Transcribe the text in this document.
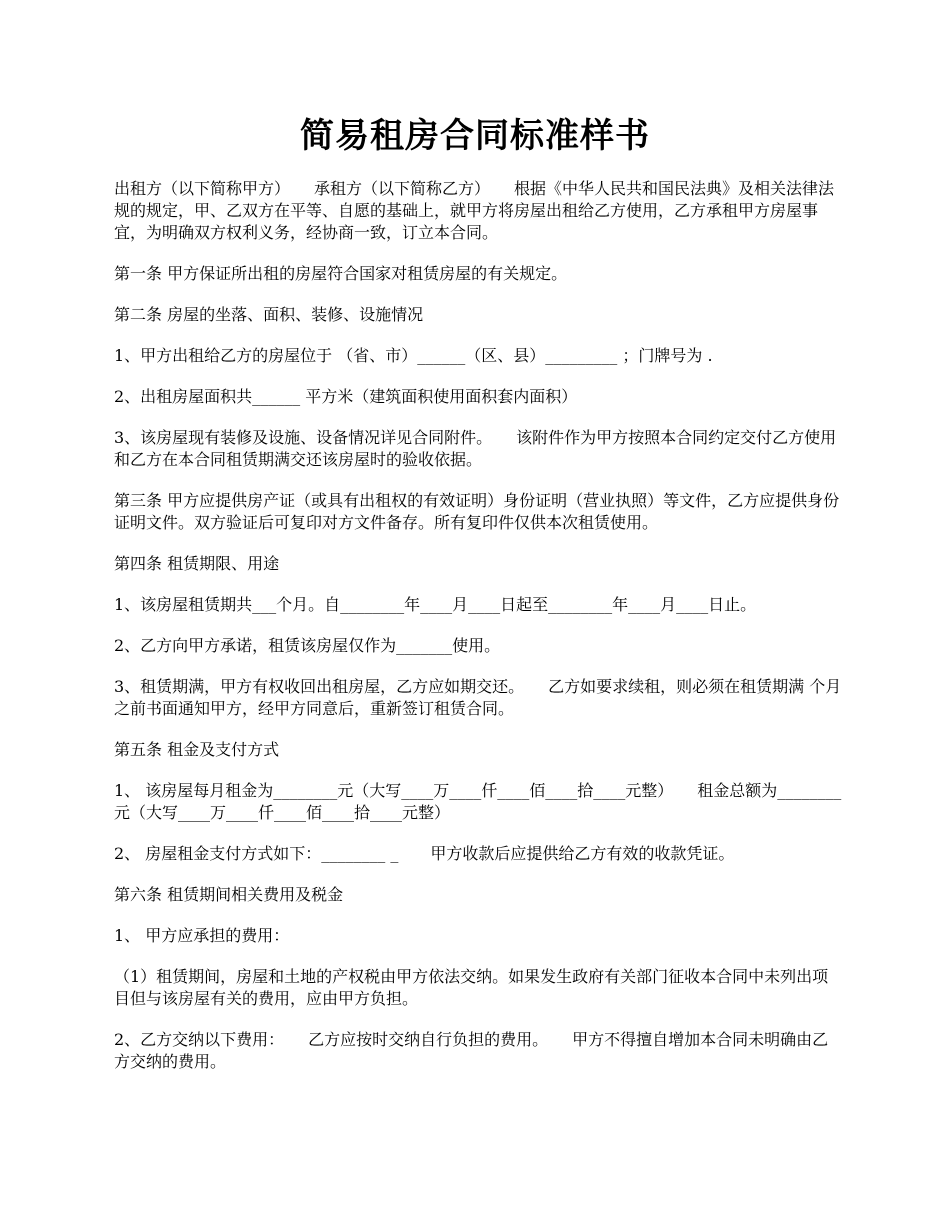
简易租房合同标准样书

出租方（以下简称甲方）　　承租方（以下简称乙方）　　根据《中华人民共和国民法典》及相关法律法规的规定，甲、乙双方在平等、自愿的基础上，就甲方将房屋出租给乙方使用，乙方承租甲方房屋事宜，为明确双方权利义务，经协商一致，订立本合同。

第一条 甲方保证所出租的房屋符合国家对租赁房屋的有关规定。

第二条 房屋的坐落、面积、装修、设施情况

1、甲方出租给乙方的房屋位于 （省、市）______（区、县）_________ ；门牌号为 .

2、出租房屋面积共______ 平方米（建筑面积使用面积套内面积）

3、该房屋现有装修及设施、设备情况详见合同附件。　　该附件作为甲方按照本合同约定交付乙方使用和乙方在本合同租赁期满交还该房屋时的验收依据。

第三条 甲方应提供房产证（或具有出租权的有效证明）身份证明（营业执照）等文件，乙方应提供身份证明文件。双方验证后可复印对方文件备存。所有复印件仅供本次租赁使用。

第四条 租赁期限、用途

1、该房屋租赁期共___个月。自________年____月____日起至________年____月____日止。

2、乙方向甲方承诺，租赁该房屋仅作为_______使用。

3、租赁期满，甲方有权收回出租房屋，乙方应如期交还。　　乙方如要求续租，则必须在租赁期满 个月之前书面通知甲方，经甲方同意后，重新签订租赁合同。

第五条 租金及支付方式

1、 该房屋每月租金为________元（大写____万____仟____佰____拾____元整）　　租金总额为________元（大写____万____仟____佰____拾____元整）

2、 房屋租金支付方式如下：________ _　　甲方收款后应提供给乙方有效的收款凭证。

第六条 租赁期间相关费用及税金

1、 甲方应承担的费用：

（1）租赁期间，房屋和土地的产权税由甲方依法交纳。如果发生政府有关部门征收本合同中未列出项目但与该房屋有关的费用，应由甲方负担。

2、乙方交纳以下费用：　　乙方应按时交纳自行负担的费用。　　甲方不得擅自增加本合同未明确由乙方交纳的费用。
